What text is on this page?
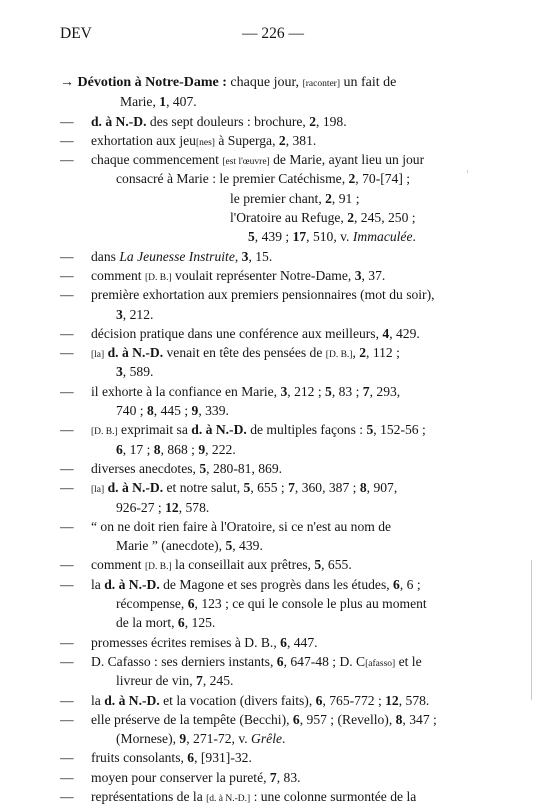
DEV	— 226 —
→ Dévotion à Notre-Dame : chaque jour, [raconter] un fait de
Marie, 1, 407.
— d. à N.-D. des sept douleurs : brochure, 2, 198.
— exhortation aux jeu[nes] à Superga, 2, 381.
— chaque commencement [est l'œuvre] de Marie, ayant lieu un jour
consacré à Marie : le premier Catéchisme, 2, 70-[74] ;
le premier chant, 2, 91 ;
l'Oratoire au Refuge, 2, 245, 250 ;
5, 439 ; 17, 510, v. Immaculée.
— dans La Jeunesse Instruite, 3, 15.
— comment [D. B.] voulait représenter Notre-Dame, 3, 37.
— première exhortation aux premiers pensionnaires (mot du soir),
3, 212.
— décision pratique dans une conférence aux meilleurs, 4, 429.
— [la] d. à N.-D. venait en tête des pensées de [D. B.], 2, 112 ;
3, 589.
— il exhorte à la confiance en Marie, 3, 212 ; 5, 83 ; 7, 293,
740 ; 8, 445 ; 9, 339.
— [D. B.] exprimait sa d. à N.-D. de multiples façons : 5, 152-56 ;
6, 17 ; 8, 868 ; 9, 222.
— diverses anecdotes, 5, 280-81, 869.
— [la] d. à N.-D. et notre salut, 5, 655 ; 7, 360, 387 ; 8, 907,
926-27 ; 12, 578.
— “ on ne doit rien faire à l'Oratoire, si ce n'est au nom de
Marie ” (anecdote), 5, 439.
— comment [D. B.] la conseillait aux prêtres, 5, 655.
— la d. à N.-D. de Magone et ses progrès dans les études, 6, 6 ;
récompense, 6, 123 ; ce qui le console le plus au moment
de la mort, 6, 125.
— promesses écrites remises à D. B., 6, 447.
— D. Cafasso : ses derniers instants, 6, 647-48 ; D. C[afasso] et le
livreur de vin, 7, 245.
— la d. à N.-D. et la vocation (divers faits), 6, 765-772 ; 12, 578.
— elle préserve de la tempête (Becchi), 6, 957 ; (Revello), 8, 347 ;
(Mornese), 9, 271-72, v. Grêle.
— fruits consolants, 6, [931]-32.
— moyen pour conserver la pureté, 7, 83.
— représentations de la [d. à N.-D.] : une colonne surmontée de la
